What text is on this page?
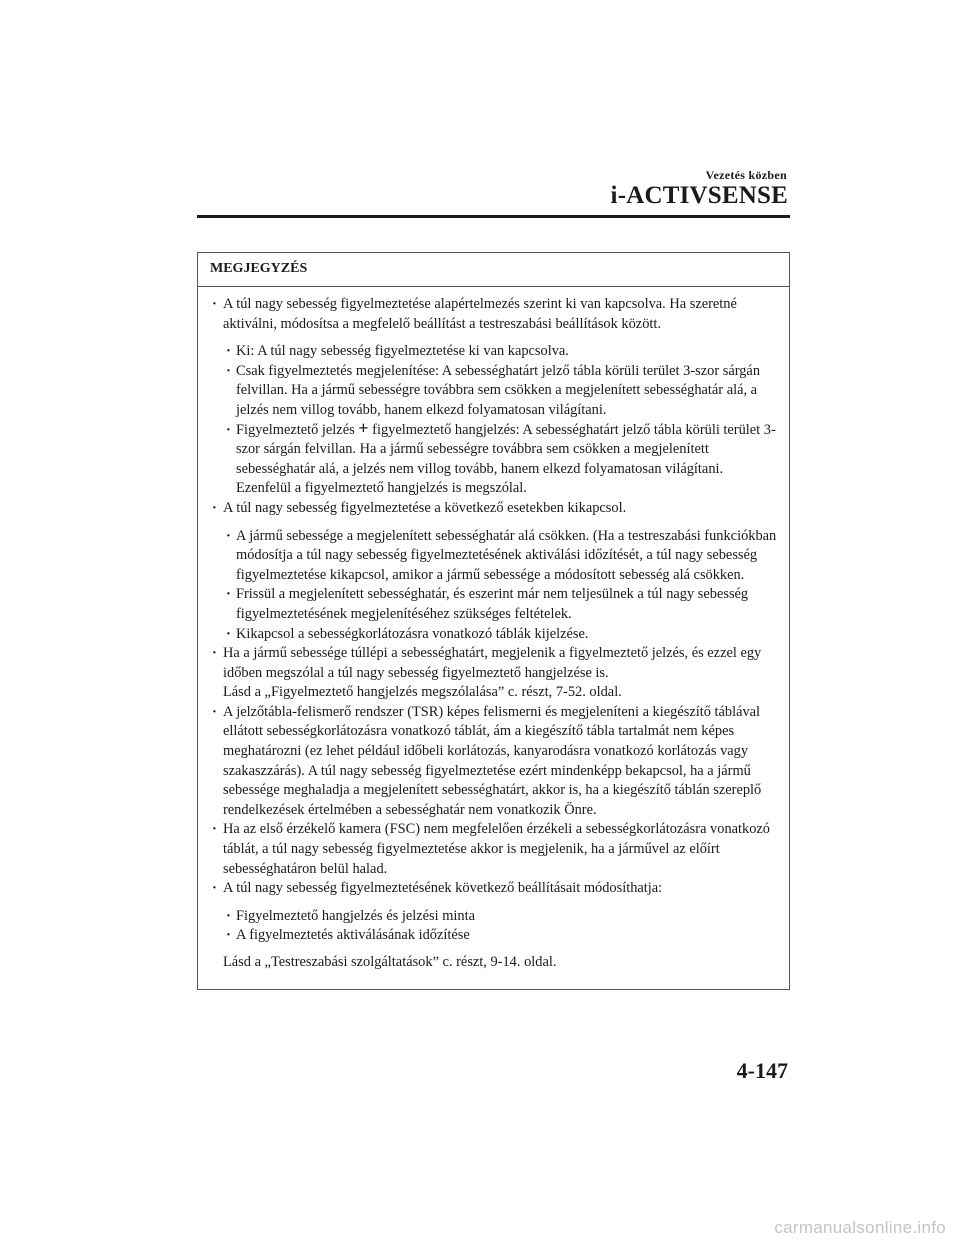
Vezetés közben
i-ACTIVSENSE
MEGJEGYZÉS
· A túl nagy sebesség figyelmeztetése alapértelmezés szerint ki van kapcsolva. Ha szeretné aktiválni, módosítsa a megfelelő beállítást a testreszabási beállítások között.
· Ki: A túl nagy sebesség figyelmeztetése ki van kapcsolva.
· Csak figyelmeztetés megjelenítése: A sebességhatárt jelző tábla körüli terület 3-szor sárgán felvillan. Ha a jármű sebességre továbbra sem csökken a megjelenített sebességhatár alá, a jelzés nem villog tovább, hanem elkezd folyamatosan világítani.
· Figyelmeztető jelzés + figyelmeztető hangjelzés: A sebességhatárt jelző tábla körüli terület 3-szor sárgán felvillan. Ha a jármű sebességre továbbra sem csökken a megjelenített sebességhatár alá, a jelzés nem villog tovább, hanem elkezd folyamatosan világítani. Ezenfelül a figyelmeztető hangjelzés is megszólal.
· A túl nagy sebesség figyelmeztetése a következő esetekben kikapcsol.
· A jármű sebessége a megjelenített sebességhatár alá csökken. (Ha a testreszabási funkciókban módosítja a túl nagy sebesség figyelmeztetésének aktiválási időzítését, a túl nagy sebesség figyelmeztetése kikapcsol, amikor a jármű sebessége a módosított sebesség alá csökken.
· Frissül a megjelenített sebességhatár, és eszerint már nem teljesülnek a túl nagy sebesség figyelmeztetésének megjelenítéséhez szükséges feltételek.
· Kikapcsol a sebességkorlátozásra vonatkozó táblák kijelzése.
· Ha a jármű sebessége túllépi a sebességhatárt, megjelenik a figyelmeztető jelzés, és ezzel egy időben megszólal a túl nagy sebesség figyelmeztető hangjelzése is.
Lásd a „Figyelmeztető hangjelzés megszólalása” c. részt, 7-52. oldal.
· A jelzőtábla-felismerő rendszer (TSR) képes felismerni és megjeleníteni a kiegészítő táblával ellátott sebességkorlátozásra vonatkozó táblát, ám a kiegészítő tábla tartalmát nem képes meghatározni (ez lehet például időbeli korlátozás, kanyarodásra vonatkozó korlátozás vagy szakaszzárás). A túl nagy sebesség figyelmeztetése ezért mindenképp bekapcsol, ha a jármű sebessége meghaladja a megjelenített sebességhatárt, akkor is, ha a kiegészítő táblán szereplő rendelkezések értelmében a sebességhatár nem vonatkozik Önre.
· Ha az első érzékelő kamera (FSC) nem megfelelően érzékeli a sebességkorlátozásra vonatkozó táblát, a túl nagy sebesség figyelmeztetése akkor is megjelenik, ha a járművel az előírt sebességhatáron belül halad.
· A túl nagy sebesség figyelmeztetésének következő beállításait módosíthatja:
· Figyelmeztető hangjelzés és jelzési minta
· A figyelmeztetés aktiválásának időzítése
Lásd a „Testreszabási szolgáltatások” c. részt, 9-14. oldal.
4-147
carmanualsonline.info
